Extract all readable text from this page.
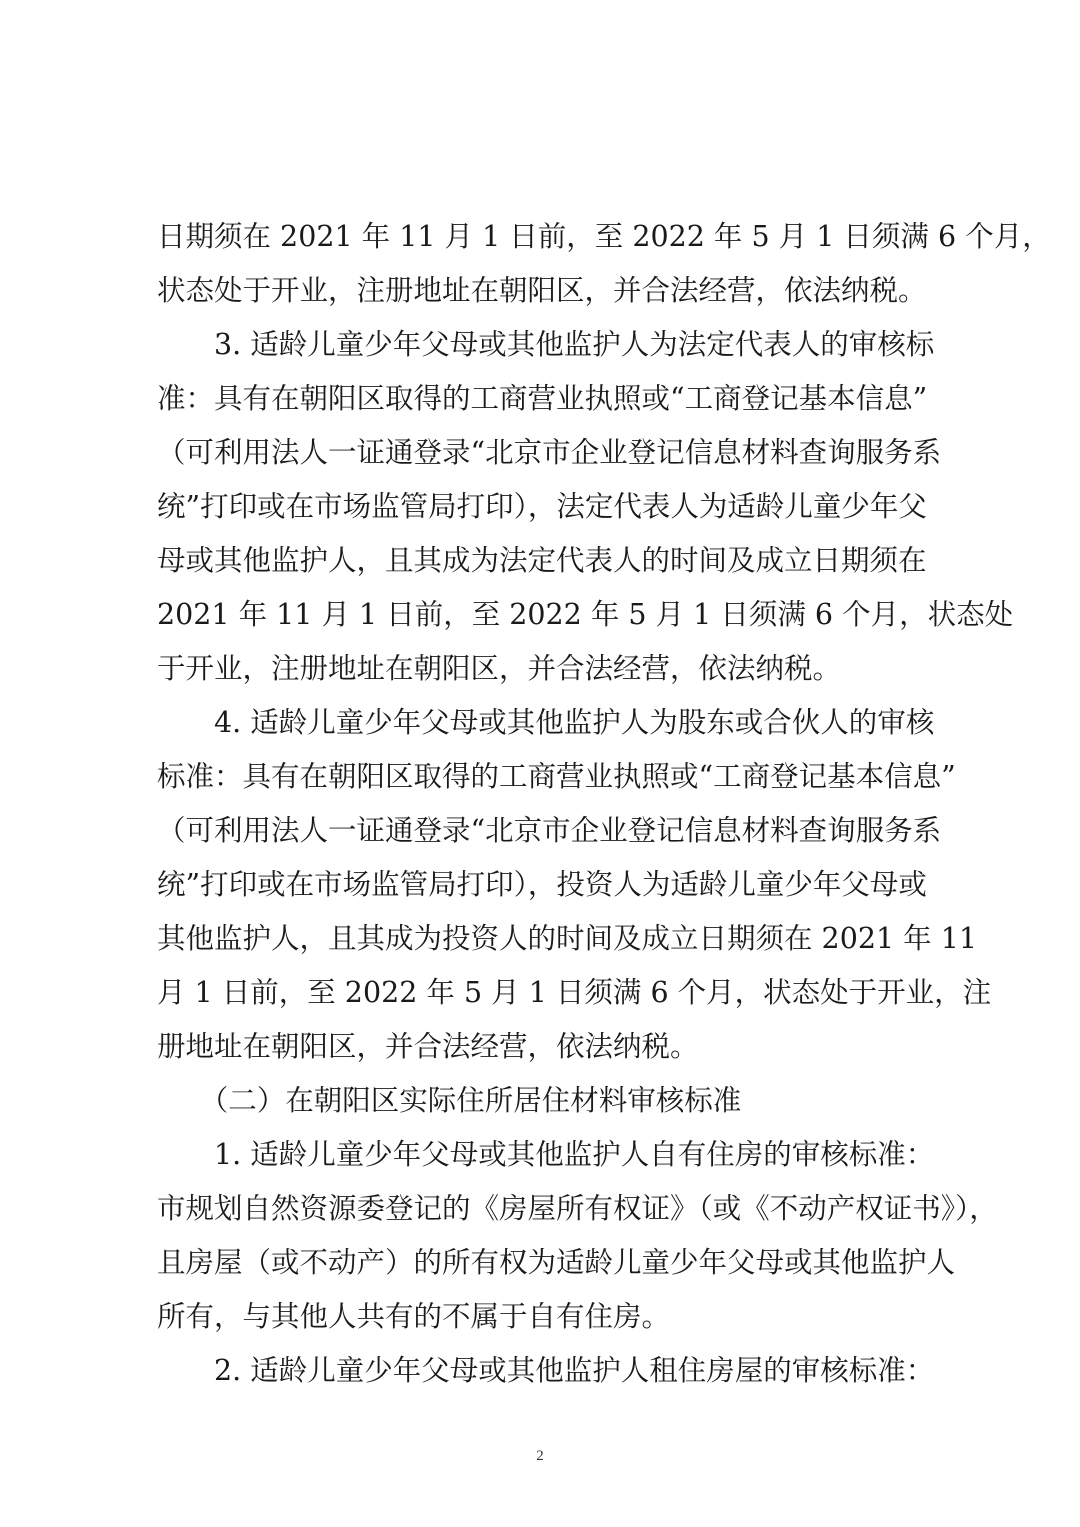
日期须在 2021 年 11 月 1 日前，至 2022 年 5 月 1 日须满 6 个月，
状态处于开业，注册地址在朝阳区，并合法经营，依法纳税。
　　3. 适龄儿童少年父母或其他监护人为法定代表人的审核标
准：具有在朝阳区取得的工商营业执照或“工商登记基本信息”
（可利用法人一证通登录“北京市企业登记信息材料查询服务系
统”打印或在市场监管局打印），法定代表人为适龄儿童少年父
母或其他监护人，且其成为法定代表人的时间及成立日期须在
2021 年 11 月 1 日前，至 2022 年 5 月 1 日须满 6 个月，状态处
于开业，注册地址在朝阳区，并合法经营，依法纳税。
　　4. 适龄儿童少年父母或其他监护人为股东或合伙人的审核
标准：具有在朝阳区取得的工商营业执照或“工商登记基本信息”
（可利用法人一证通登录“北京市企业登记信息材料查询服务系
统”打印或在市场监管局打印），投资人为适龄儿童少年父母或
其他监护人，且其成为投资人的时间及成立日期须在 2021 年 11
月 1 日前，至 2022 年 5 月 1 日须满 6 个月，状态处于开业，注
册地址在朝阳区，并合法经营，依法纳税。
　　（二）在朝阳区实际住所居住材料审核标准
　　1. 适龄儿童少年父母或其他监护人自有住房的审核标准：
市规划自然资源委登记的《房屋所有权证》（或《不动产权证书》），
且房屋（或不动产）的所有权为适龄儿童少年父母或其他监护人
所有，与其他人共有的不属于自有住房。
　　2. 适龄儿童少年父母或其他监护人租住房屋的审核标准：
2
